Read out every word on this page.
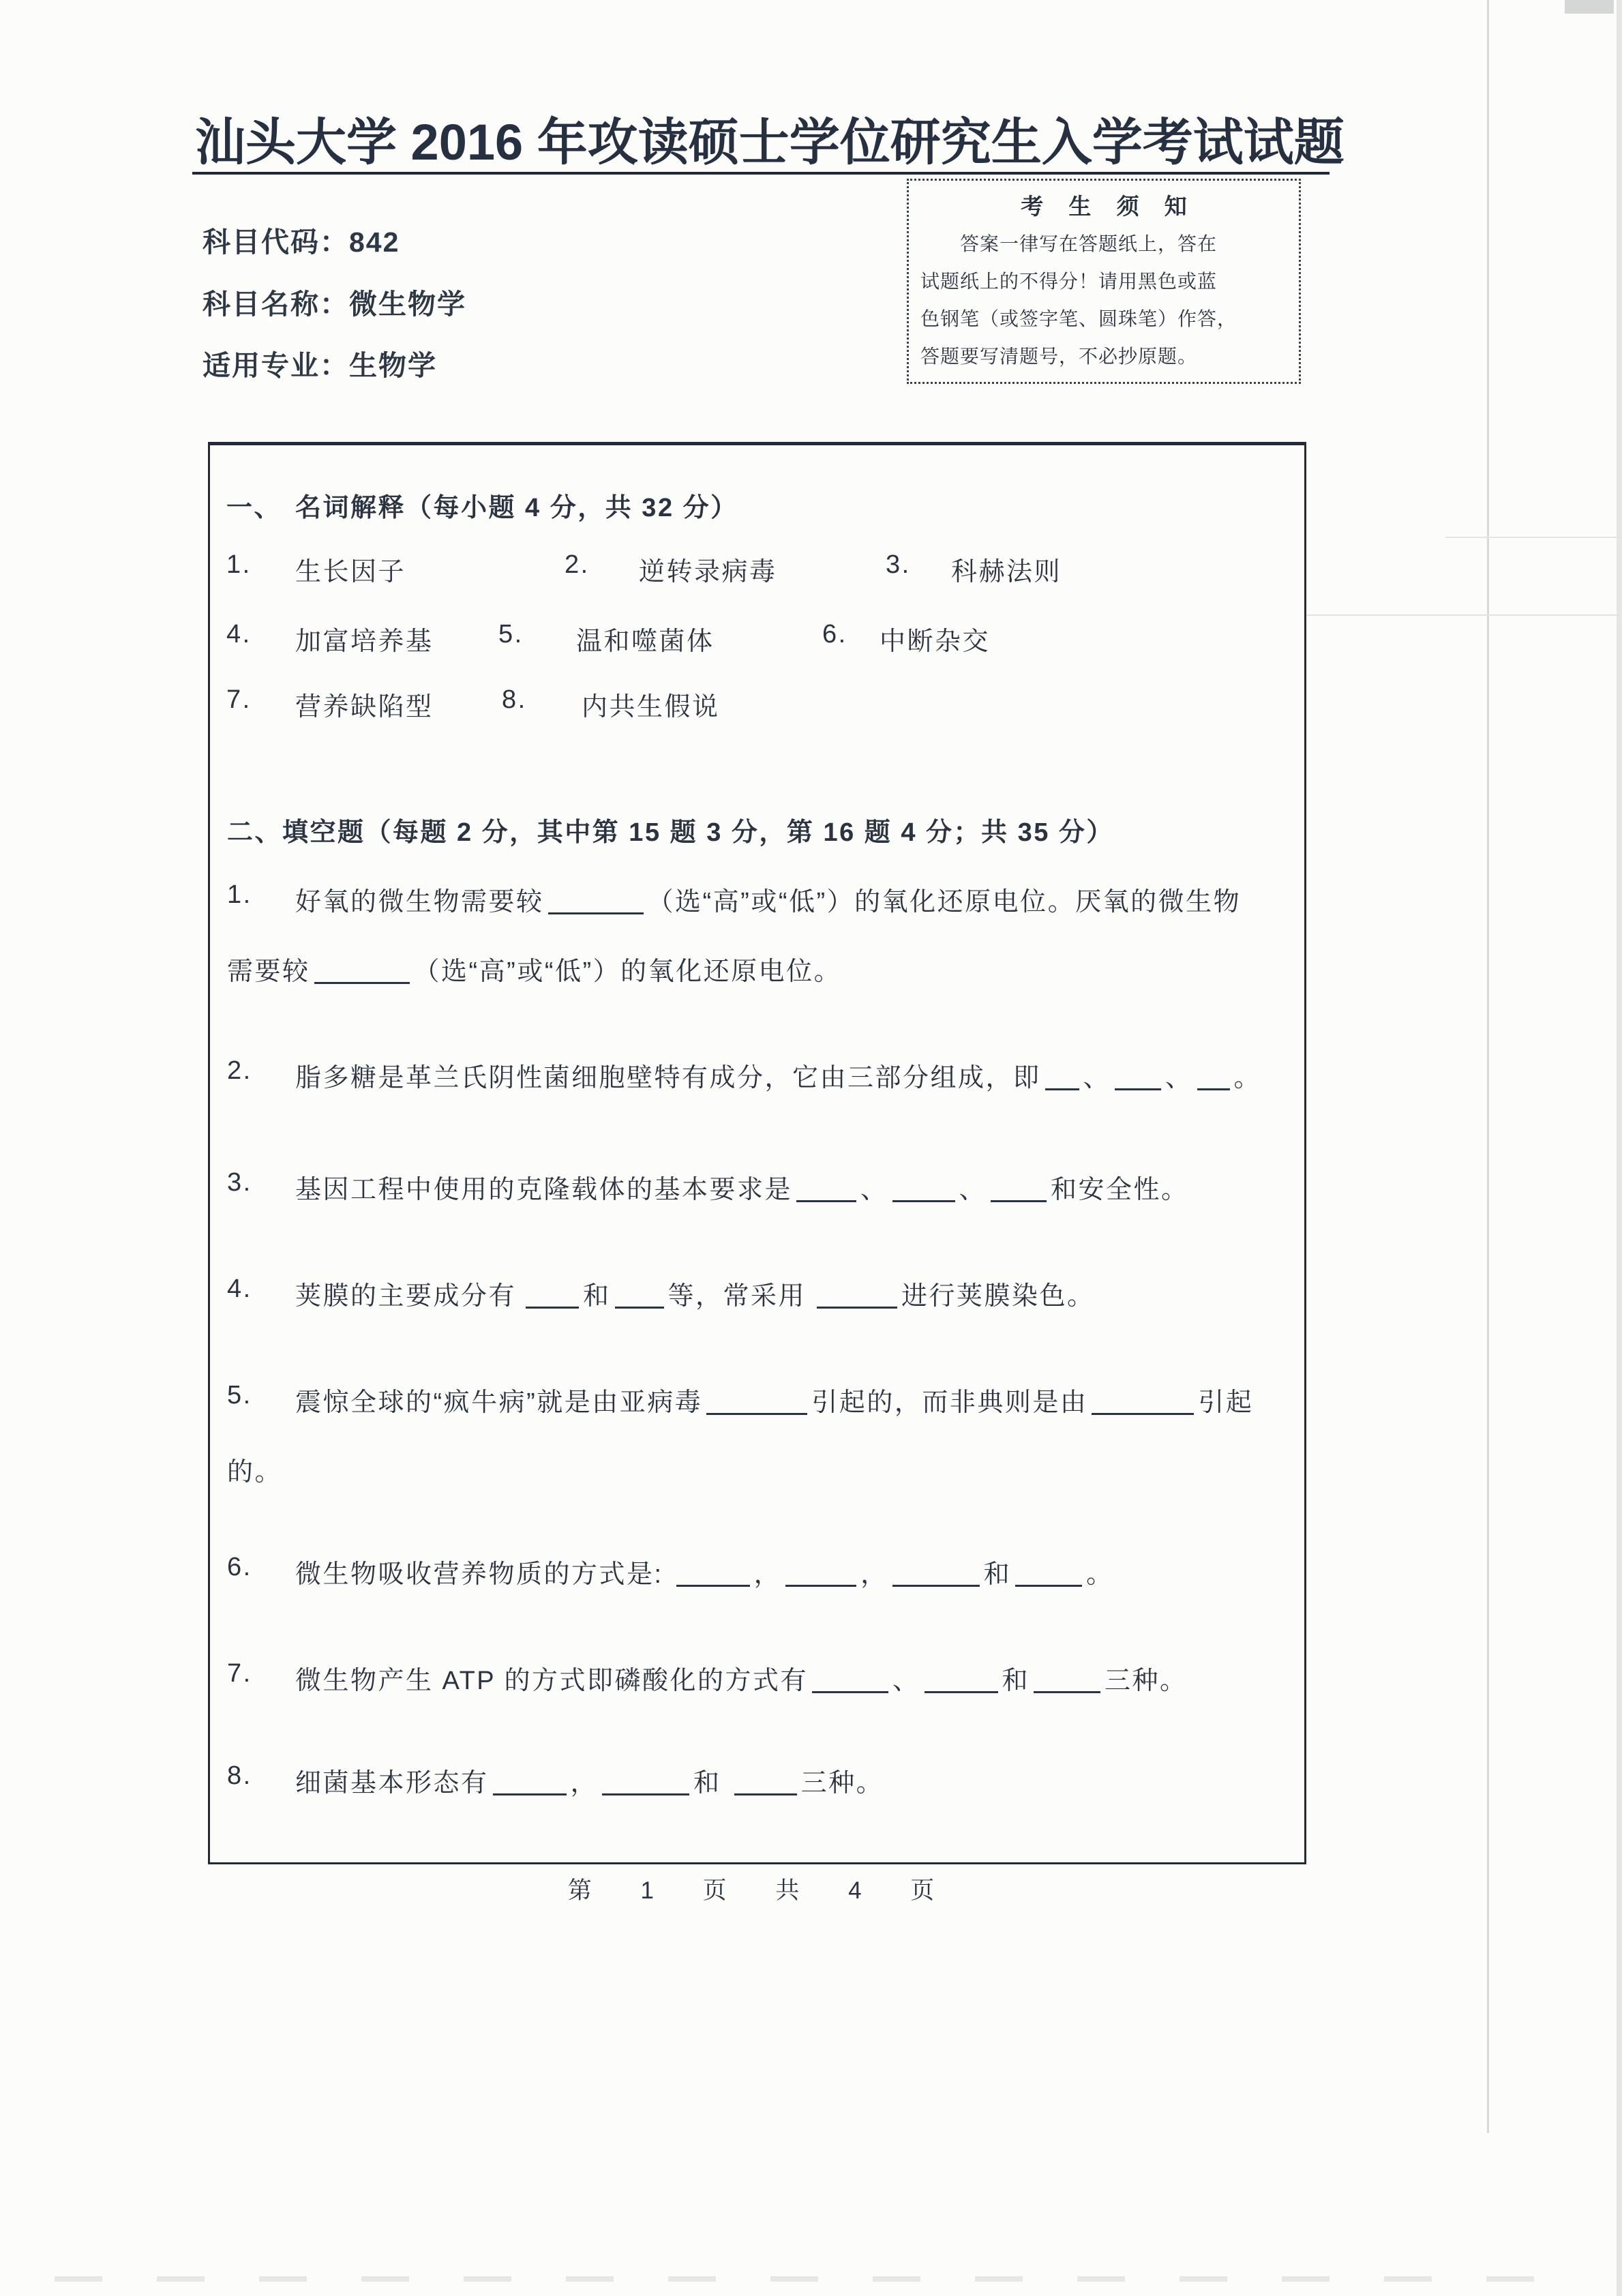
汕头大学 2016 年攻读硕士学位研究生入学考试试题
科目代码：842
科目名称：微生物学
适用专业：生物学
考 生 须 知
答案一律写在答题纸上，答在
试题纸上的不得分！请用黑色或蓝
色钢笔（或签字笔、圆珠笔）作答，
答题要写清题号，不必抄原题。
一、 名词解释（每小题 4 分，共 32 分）
1. 生长因子	2. 逆转录病毒	3. 科赫法则
4. 加富培养基	5. 温和噬菌体	6. 中断杂交
7. 营养缺陷型	8. 内共生假说
二、填空题（每题 2 分，其中第 15 题 3 分，第 16 题 4 分；共 35 分）
1. 好氧的微生物需要较	（选“高”或“低”）的氧化还原电位。厌氧的微生物
需要较	（选“高”或“低”）的氧化还原电位。
2. 脂多糖是革兰氏阴性菌细胞壁特有成分，它由三部分组成，即 、 、 。
3. 基因工程中使用的克隆载体的基本要求是	、	、 和安全性。
4. 荚膜的主要成分有	和 等，常采用	进行荚膜染色。
5. 震惊全球的“疯牛病”就是由亚病毒	引起的，而非典则是由	引起
的。
6. 微生物吸收营养物质的方式是:	，	，	和	。
7. 微生物产生 ATP 的方式即磷酸化的方式有	、	和	三种。
8. 细菌基本形态有	，	和	三种。
第 1 页 共 4 页
